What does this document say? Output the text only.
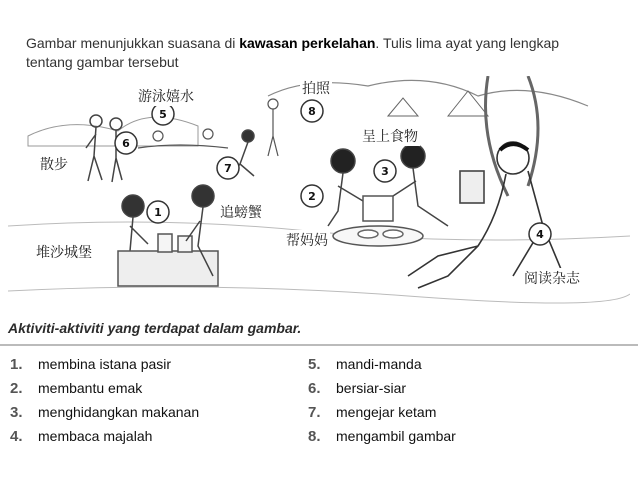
Gambar menunjukkan suasana di kawasan perkelahan. Tulis lima ayat yang lengkap tentang gambar tersebut
5
6
7
1
8
2
3
4
游泳嬉水	拍照
呈上食物
散步
追螃蟹
帮妈妈
堆沙城堡
阅读杂志
Aktiviti-aktiviti yang terdapat dalam gambar.
1.	membina istana pasir
2.	membantu emak
3.	menghidangkan makanan
4.	membaca majalah
5.	mandi-manda
6.	bersiar-siar
7.	mengejar ketam
8.	mengambil gambar
